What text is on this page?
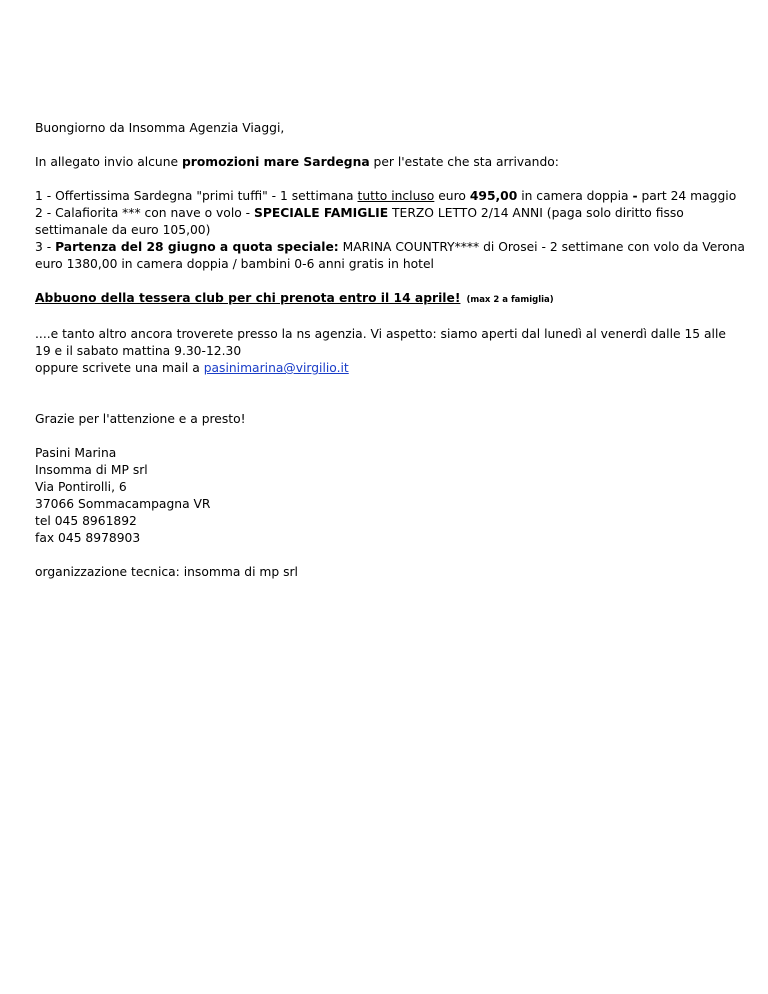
Buongiorno da Insomma Agenzia Viaggi,

In allegato invio alcune promozioni mare Sardegna per l'estate che sta arrivando:

1 - Offertissima Sardegna "primi tuffi" - 1 settimana tutto incluso euro 495,00 in camera doppia - part 24 maggio

2 - Calafiorita *** con nave o volo - SPECIALE FAMIGLIE TERZO LETTO 2/14 ANNI (paga solo diritto fisso settimanale da euro 105,00)

3 - Partenza del 28 giugno a quota speciale: MARINA COUNTRY**** di Orosei - 2 settimane con volo da Verona euro 1380,00 in camera doppia / bambini 0-6 anni gratis in hotel

Abbuono della tessera club per chi prenota entro il 14 aprile! (max 2 a famiglia)

....e tanto altro ancora troverete presso la ns agenzia. Vi aspetto: siamo aperti dal lunedì al venerdì dalle 15 alle 19 e il sabato mattina 9.30-12.30

oppure scrivete una mail a pasinimarina@virgilio.it

Grazie per l'attenzione e a presto!

Pasini Marina
Insomma di MP srl
Via Pontirolli, 6
37066 Sommacampagna VR
tel 045 8961892
fax 045 8978903

organizzazione tecnica: insomma di mp srl
